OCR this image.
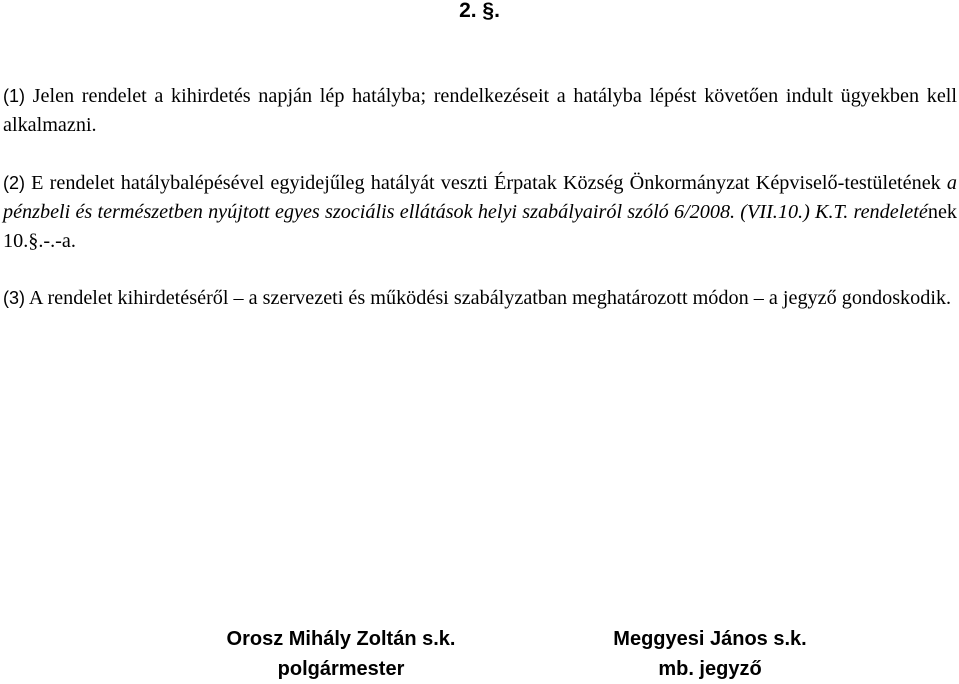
2. §.

(1) Jelen rendelet a kihirdetés napján lép hatályba; rendelkezéseit a hatályba lépést követően indult ügyekben kell alkalmazni.

(2) E rendelet hatálybalépésével egyidejűleg hatályát veszti Érpatak Község Önkormányzat Képviselő-testületének a pénzbeli és természetben nyújtott egyes szociális ellátások helyi szabályairól szóló 6/2008. (VII.10.) K.T. rendeletének 10.§.-.-a.

(3) A rendelet kihirdetéséről – a szervezeti és működési szabályzatban meghatározott módon – a jegyző gondoskodik.

Orosz Mihály Zoltán s.k.
polgármester
Meggyesi János s.k.
mb. jegyző
